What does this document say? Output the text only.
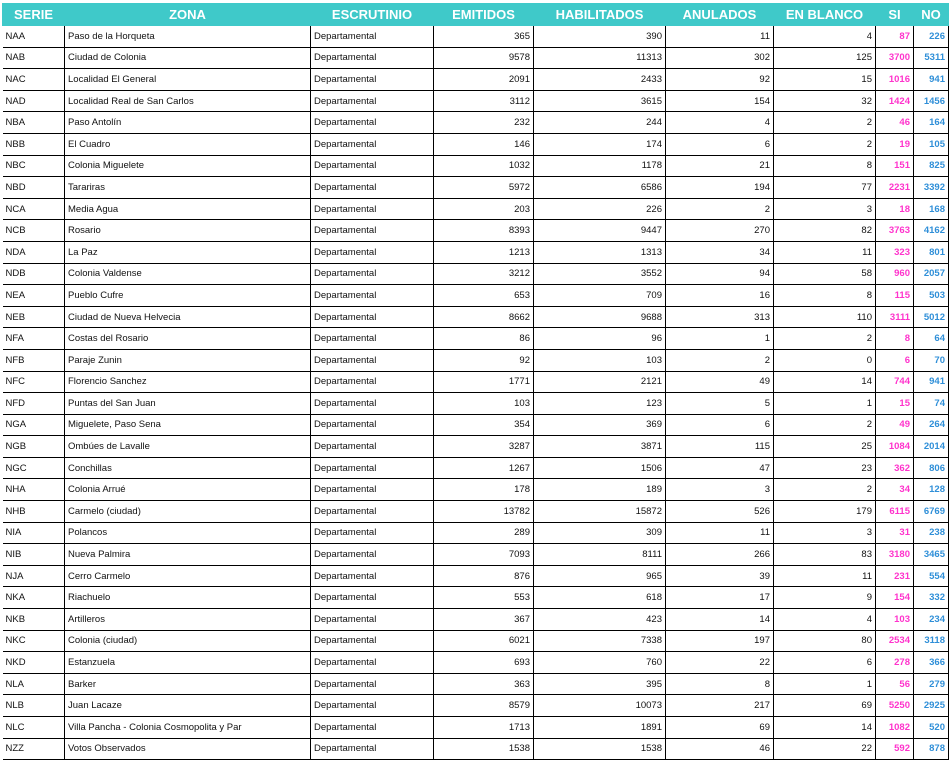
SERIE	ZONA	ESCRUTINIO	EMITIDOS	HABILITADOS	ANULADOS	EN BLANCO	SI	NO
NAA	Paso de la Horqueta	Departamental	365	390	11	4	87	226
NAB	Ciudad de Colonia	Departamental	9578	11313	302	125	3700	5311
NAC	Localidad El General	Departamental	2091	2433	92	15	1016	941
NAD	Localidad Real de San Carlos	Departamental	3112	3615	154	32	1424	1456
NBA	Paso Antolín	Departamental	232	244	4	2	46	164
NBB	El Cuadro	Departamental	146	174	6	2	19	105
NBC	Colonia Miguelete	Departamental	1032	1178	21	8	151	825
NBD	Tarariras	Departamental	5972	6586	194	77	2231	3392
NCA	Media Agua	Departamental	203	226	2	3	18	168
NCB	Rosario	Departamental	8393	9447	270	82	3763	4162
NDA	La Paz	Departamental	1213	1313	34	11	323	801
NDB	Colonia Valdense	Departamental	3212	3552	94	58	960	2057
NEA	Pueblo Cufre	Departamental	653	709	16	8	115	503
NEB	Ciudad de Nueva Helvecia	Departamental	8662	9688	313	110	3111	5012
NFA	Costas del Rosario	Departamental	86	96	1	2	8	64
NFB	Paraje Zunin	Departamental	92	103	2	0	6	70
NFC	Florencio Sanchez	Departamental	1771	2121	49	14	744	941
NFD	Puntas del San Juan	Departamental	103	123	5	1	15	74
NGA	Miguelete, Paso Sena	Departamental	354	369	6	2	49	264
NGB	Ombúes de Lavalle	Departamental	3287	3871	115	25	1084	2014
NGC	Conchillas	Departamental	1267	1506	47	23	362	806
NHA	Colonia Arrué	Departamental	178	189	3	2	34	128
NHB	Carmelo (ciudad)	Departamental	13782	15872	526	179	6115	6769
NIA	Polancos	Departamental	289	309	11	3	31	238
NIB	Nueva Palmira	Departamental	7093	8111	266	83	3180	3465
NJA	Cerro Carmelo	Departamental	876	965	39	11	231	554
NKA	Riachuelo	Departamental	553	618	17	9	154	332
NKB	Artilleros	Departamental	367	423	14	4	103	234
NKC	Colonia (ciudad)	Departamental	6021	7338	197	80	2534	3118
NKD	Estanzuela	Departamental	693	760	22	6	278	366
NLA	Barker	Departamental	363	395	8	1	56	279
NLB	Juan Lacaze	Departamental	8579	10073	217	69	5250	2925
NLC	Villa Pancha - Colonia Cosmopolita y Par	Departamental	1713	1891	69	14	1082	520
NZZ	Votos Observados	Departamental	1538	1538	46	22	592	878
